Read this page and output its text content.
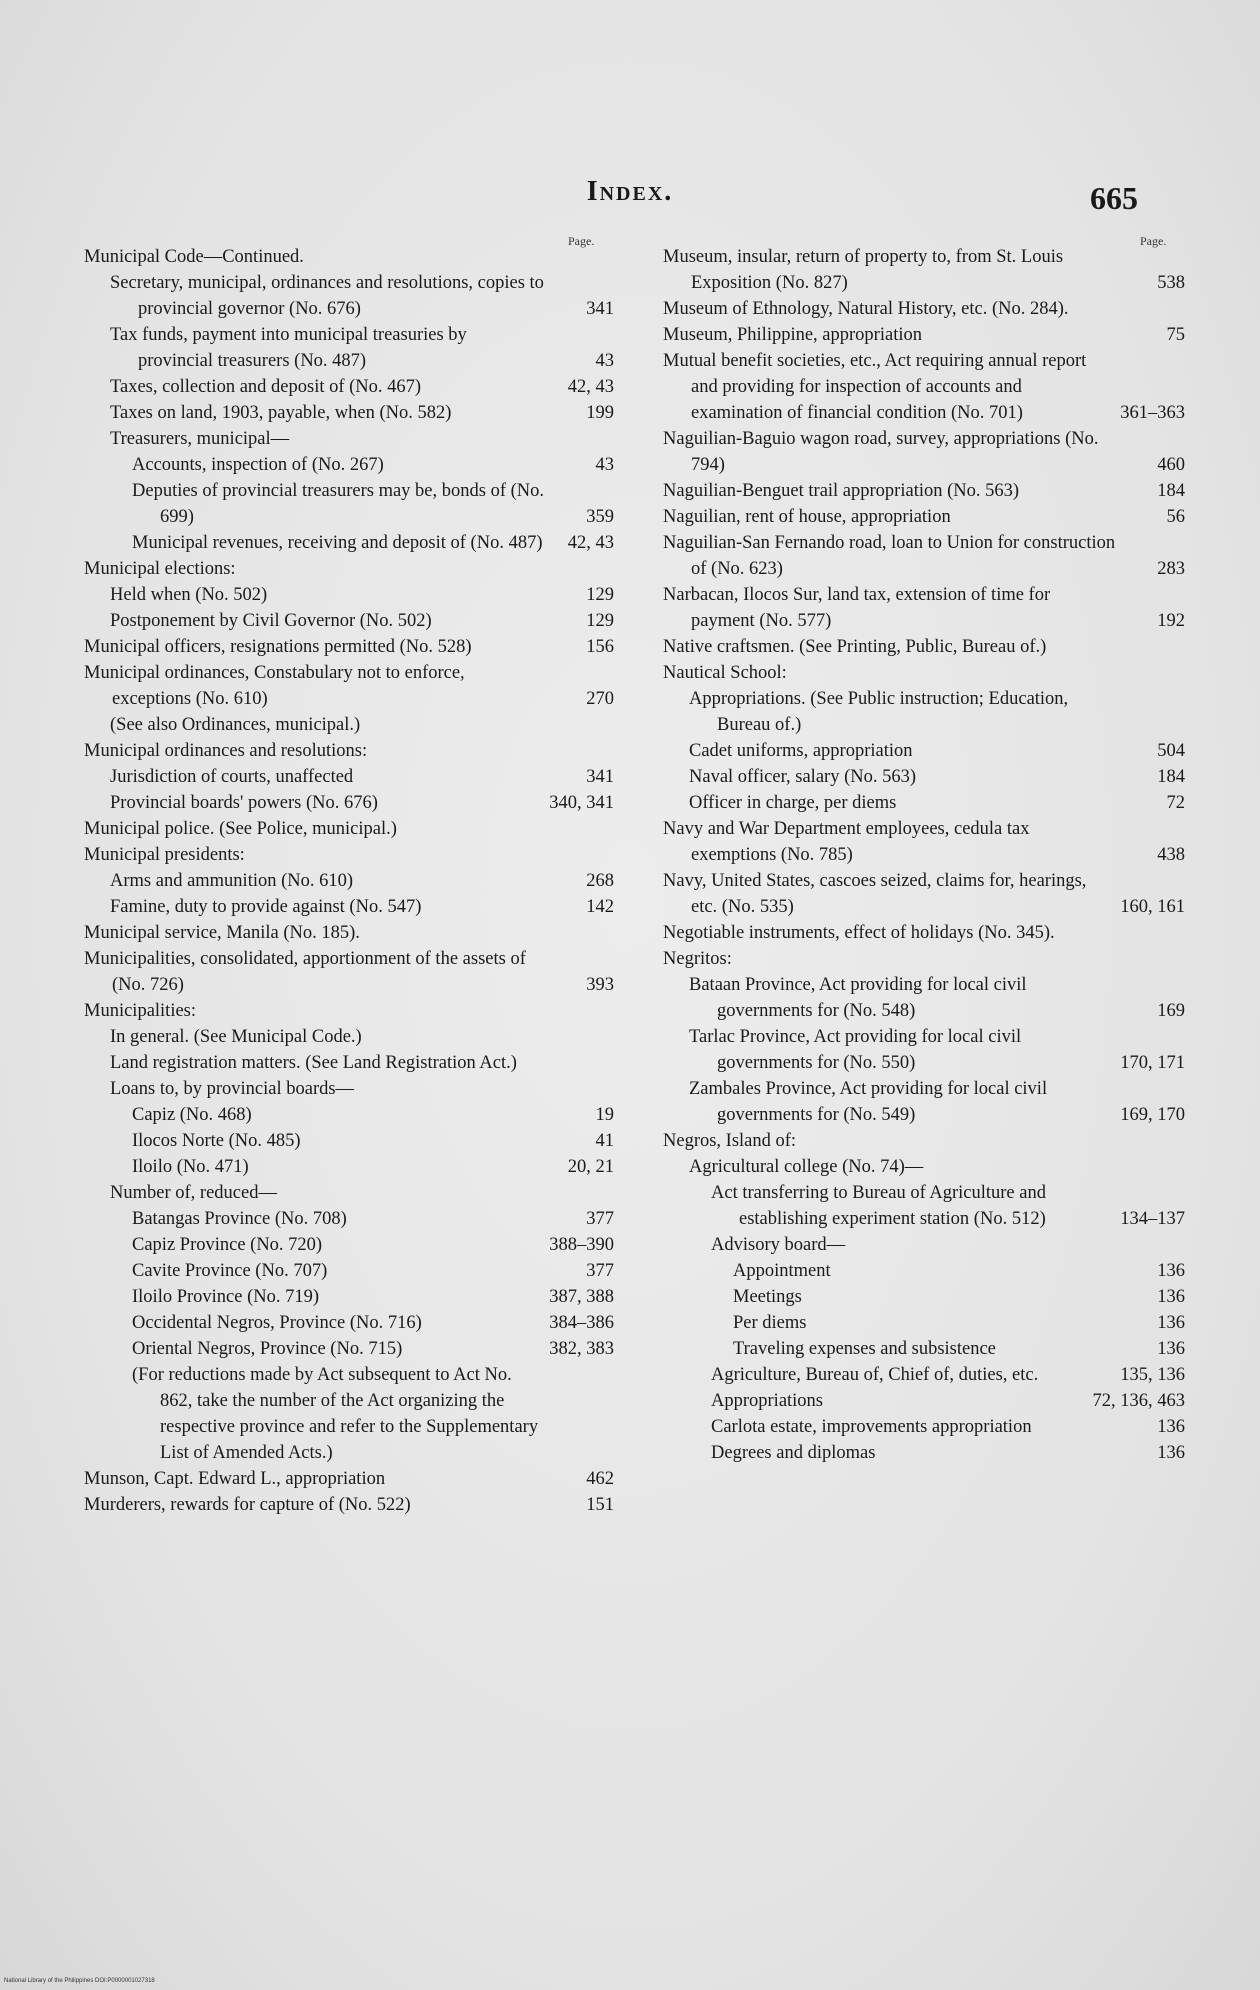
Index.	665
Page.	Page.
Municipal Code—Continued.
Secretary, municipal, ordinances and resolutions, copies to provincial governor (No. 676)	341
Tax funds, payment into municipal treasuries by provincial treasurers (No. 487)	43
Taxes, collection and deposit of (No. 467)	42, 43
Taxes on land, 1903, payable, when (No. 582)	199
Treasurers, municipal—
Accounts, inspection of (No. 267)	43
Deputies of provincial treasurers may be, bonds of (No. 699)	359
Municipal revenues, receiving and deposit of (No. 487) 42, 43
Municipal elections:
Held when (No. 502)	129
Postponement by Civil Governor (No. 502)	129
Municipal officers, resignations permitted (No. 528)	156
Municipal ordinances, Constabulary not to enforce, exceptions (No. 610)	270
(See also Ordinances, municipal.)
Municipal ordinances and resolutions:
Jurisdiction of courts, unaffected	341
Provincial boards' powers (No. 676)	340, 341
Municipal police. (See Police, municipal.)
Municipal presidents:
Arms and ammunition (No. 610)	268
Famine, duty to provide against (No. 547)	142
Municipal service, Manila (No. 185).
Municipalities, consolidated, apportionment of the assets of (No. 726)	393
Municipalities:
In general. (See Municipal Code.)
Land registration matters. (See Land Registration Act.)
Loans to, by provincial boards—
Capiz (No. 468)	19
Ilocos Norte (No. 485)	41
Iloilo (No. 471)	20, 21
Number of, reduced—
Batangas Province (No. 708)	377
Capiz Province (No. 720)	388–390
Cavite Province (No. 707)	377
Iloilo Province (No. 719)	387, 388
Occidental Negros, Province (No. 716)	384–386
Oriental Negros, Province (No. 715)	382, 383
(For reductions made by Act subsequent to Act No. 862, take the number of the Act organizing the respective province and refer to the Supplementary List of Amended Acts.)
Munson, Capt. Edward L., appropriation	462
Murderers, rewards for capture of (No. 522)	151
Museum, insular, return of property to, from St. Louis Exposition (No. 827)	538
Museum of Ethnology, Natural History, etc. (No. 284).
Museum, Philippine, appropriation	75
Mutual benefit societies, etc., Act requiring annual report and providing for inspection of accounts and examination of financial condition (No. 701)	361–363
Naguilian-Baguio wagon road, survey, appropriations (No. 794)	460
Naguilian-Benguet trail appropriation (No. 563)	184
Naguilian, rent of house, appropriation	56
Naguilian-San Fernando road, loan to Union for construction of (No. 623)	283
Narbacan, Ilocos Sur, land tax, extension of time for payment (No. 577)	192
Native craftsmen. (See Printing, Public, Bureau of.)
Nautical School:
Appropriations. (See Public instruction; Education, Bureau of.)
Cadet uniforms, appropriation	504
Naval officer, salary (No. 563)	184
Officer in charge, per diems	72
Navy and War Department employees, cedula tax exemptions (No. 785)	438
Navy, United States, cascoes seized, claims for, hearings, etc. (No. 535)	160, 161
Negotiable instruments, effect of holidays (No. 345).
Negritos:
Bataan Province, Act providing for local civil governments for (No. 548)	169
Tarlac Province, Act providing for local civil governments for (No. 550)	170, 171
Zambales Province, Act providing for local civil governments for (No. 549)	169, 170
Negros, Island of:
Agricultural college (No. 74)—
Act transferring to Bureau of Agriculture and establishing experiment station (No. 512)	134–137
Advisory board—
Appointment	136
Meetings	136
Per diems	136
Traveling expenses and subsistence	136
Agriculture, Bureau of, Chief of, duties, etc.	135, 136
Appropriations	72, 136, 463
Carlota estate, improvements appropriation	136
Degrees and diplomas	136
National Library of the Philippines DOI:P0000001027318
